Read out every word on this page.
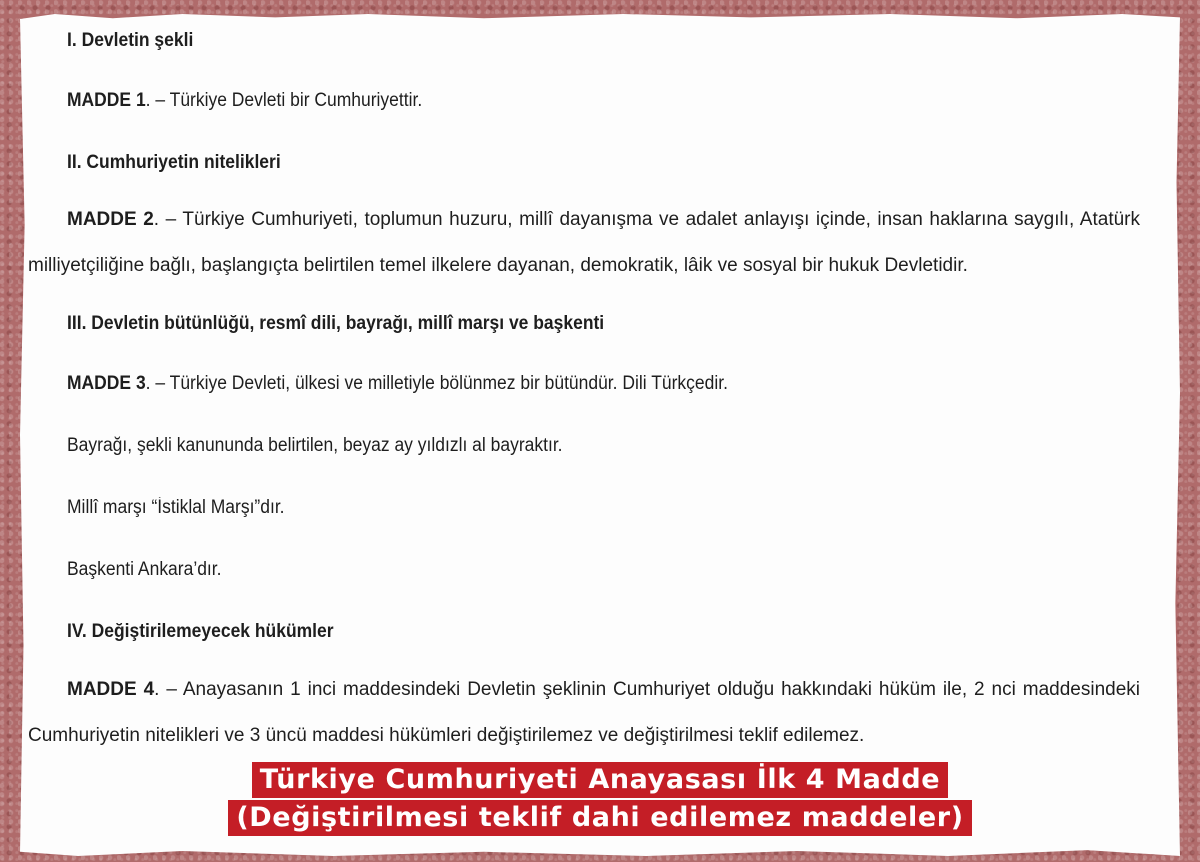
I. Devletin şekli

MADDE 1. – Türkiye Devleti bir Cumhuriyettir.

II. Cumhuriyetin nitelikleri

MADDE 2. – Türkiye Cumhuriyeti, toplumun huzuru, millî dayanışma ve adalet anlayışı içinde, insan haklarına saygılı, Atatürk milliyetçiliğine bağlı, başlangıçta belirtilen temel ilkelere dayanan, demokratik, lâik ve sosyal bir hukuk Devletidir.

III. Devletin bütünlüğü, resmî dili, bayrağı, millî marşı ve başkenti

MADDE 3. – Türkiye Devleti, ülkesi ve milletiyle bölünmez bir bütündür. Dili Türkçedir.

Bayrağı, şekli kanununda belirtilen, beyaz ay yıldızlı al bayraktır.

Millî marşı “İstiklal Marşı”dır.

Başkenti Ankara’dır.

IV. Değiştirilemeyecek hükümler

MADDE 4. – Anayasanın 1 inci maddesindeki Devletin şeklinin Cumhuriyet olduğu hakkındaki hüküm ile, 2 nci maddesindeki Cumhuriyetin nitelikleri ve 3 üncü maddesi hükümleri değiştirilemez ve değiştirilmesi teklif edilemez.

Türkiye Cumhuriyeti Anayasası İlk 4 Madde
(Değiştirilmesi teklif dahi edilemez maddeler)
